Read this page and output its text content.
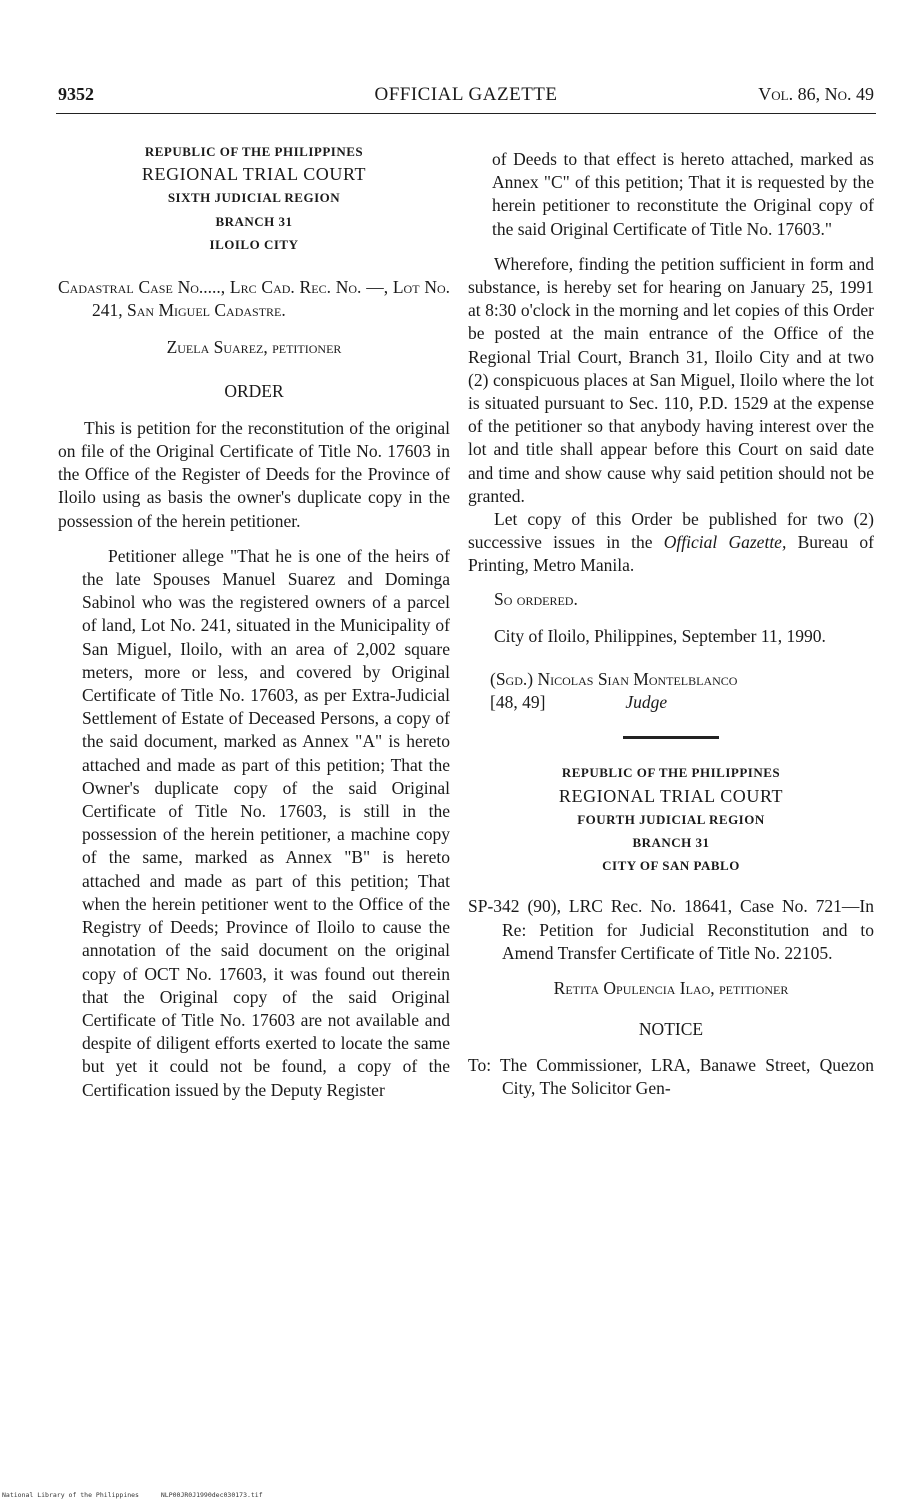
9352	OFFICIAL GAZETTE	Vol. 86, No. 49
REPUBLIC OF THE PHILIPPINES
REGIONAL TRIAL COURT
SIXTH JUDICIAL REGION
BRANCH 31
ILOILO CITY

Cadastral Case No....., Lrc Cad. Rec. No. —, Lot No. 241, San Miguel Cadastre.

Zuela Suarez, petitioner

ORDER

This is petition for the reconstitution of the original on file of the Original Certificate of Title No. 17603 in the Office of the Register of Deeds for the Province of Iloilo using as basis the owner's duplicate copy in the possession of the herein petitioner.

Petitioner allege "That he is one of the heirs of the late Spouses Manuel Suarez and Dominga Sabinol who was the registered owners of a parcel of land, Lot No. 241, situated in the Municipality of San Miguel, Iloilo, with an area of 2,002 square meters, more or less, and covered by Original Certificate of Title No. 17603, as per Extra-Judicial Settlement of Estate of Deceased Persons, a copy of the said document, marked as Annex "A" is hereto attached and made as part of this petition; That the Owner's duplicate copy of the said Original Certificate of Title No. 17603, is still in the possession of the herein petitioner, a machine copy of the same, marked as Annex "B" is hereto attached and made as part of this petition; That when the herein petitioner went to the Office of the Registry of Deeds; Province of Iloilo to cause the annotation of the said document on the original copy of OCT No. 17603, it was found out therein that the Original copy of the said Original Certificate of Title No. 17603 are not available and despite of diligent efforts exerted to locate the same but yet it could not be found, a copy of the Certification issued by the Deputy Register

of Deeds to that effect is hereto attached, marked as Annex "C" of this petition; That it is requested by the herein petitioner to reconstitute the Original copy of the said Original Certificate of Title No. 17603."

Wherefore, finding the petition sufficient in form and substance, is hereby set for hearing on January 25, 1991 at 8:30 o'clock in the morning and let copies of this Order be posted at the main entrance of the Office of the Regional Trial Court, Branch 31, Iloilo City and at two (2) conspicuous places at San Miguel, Iloilo where the lot is situated pursuant to Sec. 110, P.D. 1529 at the expense of the petitioner so that anybody having interest over the lot and title shall appear before this Court on said date and time and show cause why said petition should not be granted.

Let copy of this Order be published for two (2) successive issues in the Official Gazette, Bureau of Printing, Metro Manila.

So ordered.

City of Iloilo, Philippines, September 11, 1990.

(Sgd.) Nicolas Sian Montelblanco
[48, 49]	Judge
REPUBLIC OF THE PHILIPPINES
REGIONAL TRIAL COURT
FOURTH JUDICIAL REGION
BRANCH 31
CITY OF SAN PABLO

SP-342 (90), LRC Rec. No. 18641, Case No. 721—In Re: Petition for Judicial Reconstitution and to Amend Transfer Certificate of Title No. 22105.

Retita Opulencia Ilao, petitioner

NOTICE

To: The Commissioner, LRA, Banawe Street, Quezon City, The Solicitor Gen-

National Library of the Philippines	NLP00JR0J1990dec030173.tif
